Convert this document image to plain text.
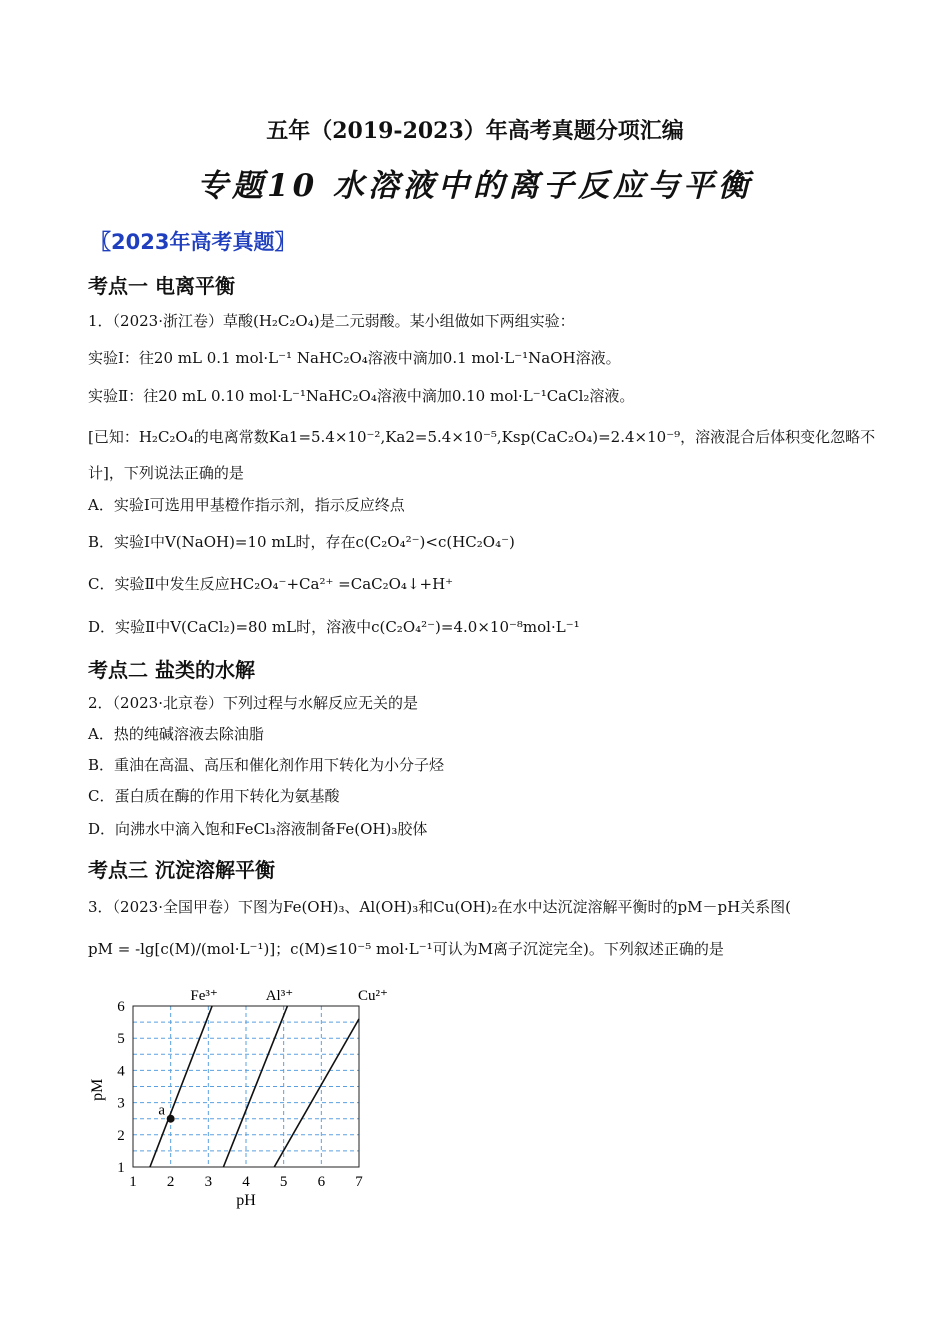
五年（2019-2023）年高考真题分项汇编
专题10 水溶液中的离子反应与平衡
〖2023年高考真题〗
考点一 电离平衡
1．（2023·浙江卷）草酸(H₂C₂O₄)是二元弱酸。某小组做如下两组实验：
实验Ⅰ：往20 mL 0.1 mol·L⁻¹ NaHC₂O₄溶液中滴加0.1 mol·L⁻¹NaOH溶液。
实验Ⅱ：往20 mL 0.10 mol·L⁻¹NaHC₂O₄溶液中滴加0.10 mol·L⁻¹CaCl₂溶液。
[已知：H₂C₂O₄的电离常数Ka1=5.4×10⁻²,Ka2=5.4×10⁻⁵,Ksp(CaC₂O₄)=2.4×10⁻⁹，溶液混合后体积变化忽略不
计]，下列说法正确的是
A．实验Ⅰ可选用甲基橙作指示剂，指示反应终点
B．实验Ⅰ中V(NaOH)=10 mL时，存在c(C₂O₄²⁻)<c(HC₂O₄⁻)
C．实验Ⅱ中发生反应HC₂O₄⁻+Ca²⁺ =CaC₂O₄↓+H⁺
D．实验Ⅱ中V(CaCl₂)=80 mL时，溶液中c(C₂O₄²⁻)=4.0×10⁻⁸mol·L⁻¹
考点二 盐类的水解
2．（2023·北京卷）下列过程与水解反应无关的是
A．热的纯碱溶液去除油脂
B．重油在高温、高压和催化剂作用下转化为小分子烃
C．蛋白质在酶的作用下转化为氨基酸
D．向沸水中滴入饱和FeCl₃溶液制备Fe(OH)₃胶体
考点三 沉淀溶解平衡
3．（2023·全国甲卷）下图为Fe(OH)₃、Al(OH)₃和Cu(OH)₂在水中达沉淀溶解平衡时的pM－pH关系图(
pM = -lg[c(M)/(mol·L⁻¹)]；c(M)≤10⁻⁵ mol·L⁻¹可认为M离子沉淀完全)。下列叙述正确的是
1 2 3 4 5 6 7
1
2
3
4
5
6
pH
pM
Fe³⁺	Al³⁺	Cu²⁺
a
